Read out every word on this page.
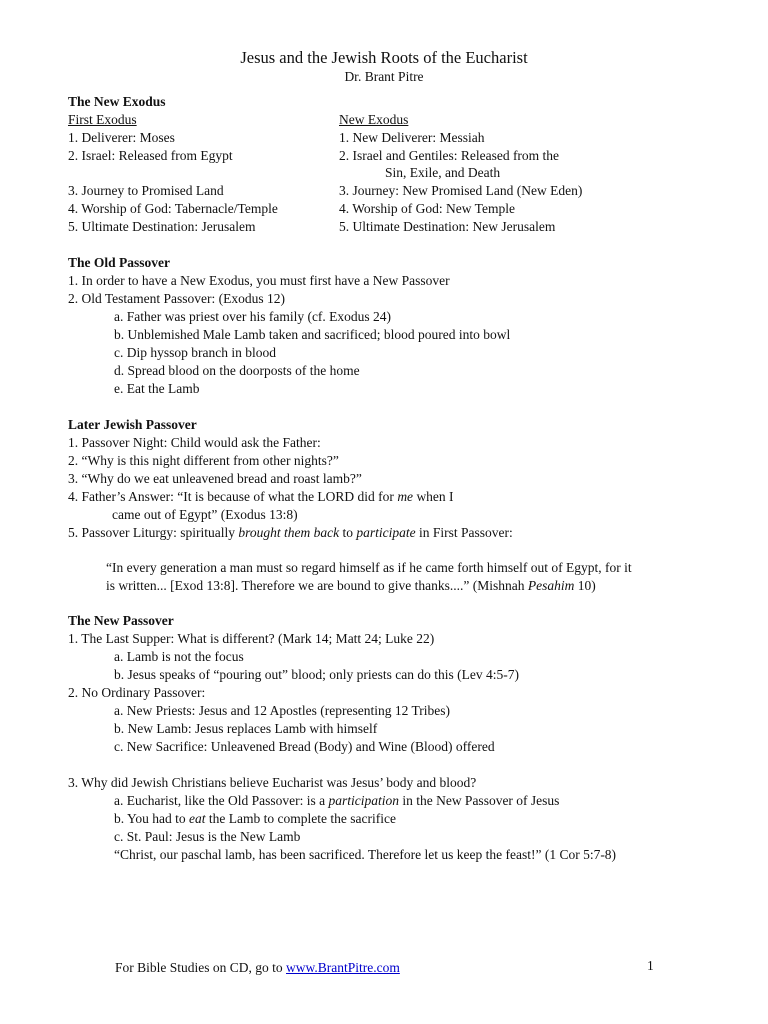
Jesus and the Jewish Roots of the Eucharist
Dr. Brant Pitre
The New Exodus
First Exodus	New Exodus
1. Deliverer: Moses	1. New Deliverer: Messiah
2. Israel: Released from Egypt	2. Israel and Gentiles: Released from the
Sin, Exile, and Death
3. Journey to Promised Land	3. Journey: New Promised Land (New Eden)
4. Worship of God: Tabernacle/Temple	4. Worship of God: New Temple
5. Ultimate Destination: Jerusalem	5. Ultimate Destination: New Jerusalem
The Old Passover
1. In order to have a New Exodus, you must first have a New Passover
2. Old Testament Passover: (Exodus 12)
a. Father was priest over his family (cf. Exodus 24)
b. Unblemished Male Lamb taken and sacrificed; blood poured into bowl
c. Dip hyssop branch in blood
d. Spread blood on the doorposts of the home
e. Eat the Lamb
Later Jewish Passover
1. Passover Night: Child would ask the Father:
2. “Why is this night different from other nights?”
3. “Why do we eat unleavened bread and roast lamb?”
4. Father’s Answer: “It is because of what the LORD did for me when I
came out of Egypt” (Exodus 13:8)
5. Passover Liturgy: spiritually brought them back to participate in First Passover:
“In every generation a man must so regard himself as if he came forth himself out of Egypt, for it
is written... [Exod 13:8]. Therefore we are bound to give thanks....” (Mishnah Pesahim 10)
The New Passover
1. The Last Supper: What is different? (Mark 14; Matt 24; Luke 22)
a. Lamb is not the focus
b. Jesus speaks of “pouring out” blood; only priests can do this (Lev 4:5-7)
2. No Ordinary Passover:
a. New Priests: Jesus and 12 Apostles (representing 12 Tribes)
b. New Lamb: Jesus replaces Lamb with himself
c. New Sacrifice: Unleavened Bread (Body) and Wine (Blood) offered
3. Why did Jewish Christians believe Eucharist was Jesus’ body and blood?
a. Eucharist, like the Old Passover: is a participation in the New Passover of Jesus
b. You had to eat the Lamb to complete the sacrifice
c. St. Paul: Jesus is the New Lamb
“Christ, our paschal lamb, has been sacrificed. Therefore let us keep the feast!” (1 Cor 5:7-8)
For Bible Studies on CD, go to www.BrantPitre.com	1
